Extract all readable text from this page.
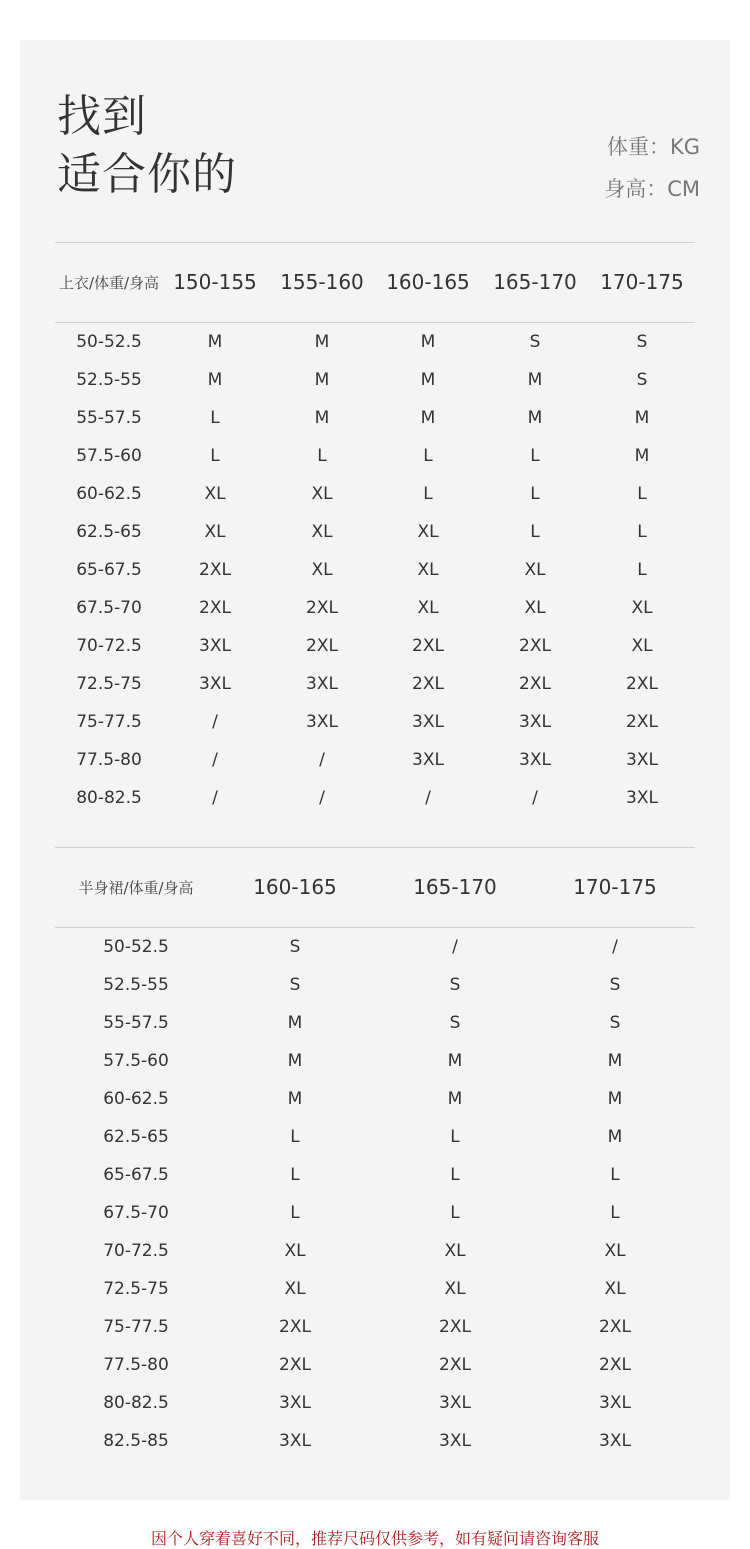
找到
适合你的
体重：KG
身高：CM
上衣/体重/身高 150-155	155-160	160-165	165-170	170-175
50-52.5	M	M	M	S	S
52.5-55	M	M	M	M	S
55-57.5	L	M	M	M	M
57.5-60	L	L	L	L	M
60-62.5	XL	XL	L	L	L
62.5-65	XL	XL	XL	L	L
65-67.5	2XL	XL	XL	XL	L
67.5-70	2XL	2XL	XL	XL	XL
70-72.5	3XL	2XL	2XL	2XL	XL
72.5-75	3XL	3XL	2XL	2XL	2XL
75-77.5	/	3XL	3XL	3XL	2XL
77.5-80	/	/	3XL	3XL	3XL
80-82.5	/	/	/	/	3XL
半身裙/体重/身高	160-165	165-170	170-175
50-52.5	S	/	/
52.5-55	S	S	S
55-57.5	M	S	S
57.5-60	M	M	M
60-62.5	M	M	M
62.5-65	L	L	M
65-67.5	L	L	L
67.5-70	L	L	L
70-72.5	XL	XL	XL
72.5-75	XL	XL	XL
75-77.5	2XL	2XL	2XL
77.5-80	2XL	2XL	2XL
80-82.5	3XL	3XL	3XL
82.5-85	3XL	3XL	3XL
因个人穿着喜好不同，推荐尺码仅供参考，如有疑问请咨询客服
